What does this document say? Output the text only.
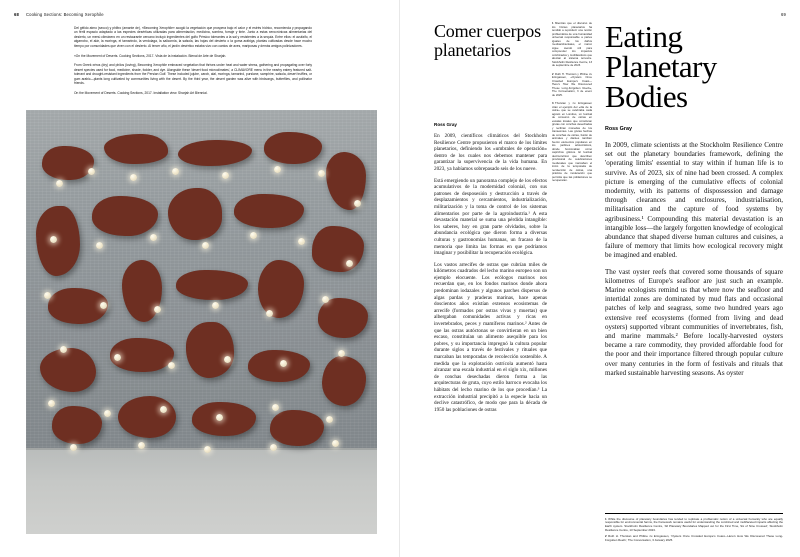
68 Cooking Sections: Becoming Xerophile

Del gélido atmo (secco) y philtro (amante de), «Becoming Xerophile» acogió la vegetación que prospera bajo el calor y el estrés hídrico, recomienda y propagando un fértil espacio adaptado a las especies desérticas utilizadas para alimentación, medicina, sombra, forraje y tinte. Junto a estas xerocrónicas alimentarias del desierto, un menú climáxero en un restaurante cercano incluyó ingredientes del golfo Pérsico tolerantes a la sal y resistentes a la sequía. Entre ellos: el azufaifo, el algarrobo, el alár, la moringa, el tamarindo, la verdolaga, la salicornia, la salsola, las hojas del desierto o la goma arábiga, plantas cultivadas desde hace mucho tiempo por comunidades que viven con el desierto. Al tercer año, el jardín desértico estaba vivo con cantos de aves, mariposas y demás amigos polinizadores.

«On the Movement of Deserts. Cooking Sections, 2017. Vista de la instalación. Bienal de Arte de Sharjah.

From Greek xéros (dry) and philos (loving), Becoming Xerophile embraced vegetation that thrives under heat and water stress, gathering and propagating over forty desert species used for food, medicine, shade, fodder, and dye. Alongside these 'desert food microclimates', a CLIMAVORE menu in the nearby eatery featured salt-tolerant and drought-resistant ingredients from the Persian Gulf. These included jujube, carob, alal, moringa, tamarind, purslane, samphire, salsola, desert truffles, or gum arabic—plants long cultivated by communities living with the desert. By the third year, the desert garden was alive with birdsongs, butterflies, and pollinator friends.

On the Movement of Deserts. Cooking Sections, 2017. Installation view. Sharjah Art Biennial.

69
Comer cuerpos planetarios
Ross Gray

En 2009, científicos climáticos del Stockholm Resilience Centre propusieron el marco de los límites planetarios, definiendo los «umbrales de operación» dentro de los cuales nos debemos mantener para garantizar la supervivencia de la vida humana. En 2023, ya habíamos sobrepasado seis de los nueve.

Está emergiendo un panorama complejo de los efectos acumulativos de la modernidad colonial, con sus patrones de desposesión y destrucción a través de desplazamientos y cercamientos, industrialización, militarización y la toma de control de los sistemas alimentarios por parte de la agroindustria.¹ A esta devastación material se suma una pérdida intangible: los saberes, hoy en gran parte olvidados, sobre la abundancia ecológica que dieron forma a diversas culturas y gastronomías humanas, un fracaso de la memoria que limita las formas en que podríamos imaginar y posibilitar la recuperación ecológica.

Los vastos arrecifes de ostras que cubrían miles de kilómetros cuadrados del lecho marino europeo son un ejemplo elocuente. Los ecólogos marinos nos recuerdan que, en los fondos marinos donde ahora predominan iodazales y algunos parches dispersos de algas pardas y praderas marinas, hace apenas doscientos años existían extensos ecosistemas de arrecife (formados por ostras vivas y muertas) que albergaban comunidades activas y ricas en invertebrados, peces y mamíferos marinos.² Antes de que las ostras autóctonas se convirtieran en un bien escaso, constituían un alimento asequible para los pobres, y su importancia impregnó la cultura popular durante siglos a través de festivales y rituales que marcaban las temporadas de recolección sostenible. A medida que la explotación ostrícola aumentó hasta alcanzar una escala industrial en el siglo xix, millones de conchas desechadas dieron forma a las arquitecturas de gruta, cuyo estilo barroco evocaba los hábitats del lecho marino de los que procedían.³ La extracción industrial precipitó a la especie hacia un declive catastrófico, de modo que para la década de 1950 las poblaciones de ostras

1 Mientras que el discurso de los límites planetarios ha tendido a reproducir una noción problemática de una humanidad universal responsable a partes iguales de los daños medioambientales, el marco sigue siendo útil para comprender los impactos combinados y multifacéticos que afectan al sistema terrestre. Stockholm Resilience Centre, 13 de septiembre de 2023.
2 Ruth H. Thurston y Philine zu Ermgassen, «Oysters Once Crowded Europe's Coast—Here's How We Discovered These Long-Forgotten Reefs», The Conversation, 3 de enero de 2025.
3 Thurstan y zu Ermgassen citan el ejemplo del «día de la ostra» que se celebraba cada agosto en Londres, un festival de consumo de ostras en escalas locales que construían grutas con conchas desechadas y recibían monedas de los transeúntes. Las grutas hechas de conchas de ostras, fusión de animales y diantes también fueron elementos populares en los jardines aristocráticos, donde funcionaban como caprichos góticos. El festival decimonónico que describen provisional de celebraciones medievales que marcaban el inicio de la temporada de recolección de ostras, una práctica de moderación que permitía que las poblaciones se recuperaran.
Eating Planetary Bodies
Ross Gray

In 2009, climate scientists at the Stockholm Resilience Centre set out the planetary boundaries framework, defining the 'operating limits' essential to stay within if human life is to survive. As of 2023, six of nine had been crossed. A complex picture is emerging of the cumulative effects of colonial modernity, with its patterns of dispossession and damage through clearances and enclosures, industrialisation, militarisation and the capture of food systems by agribusiness.¹ Compounding this material devastation is an intangible loss—the largely forgotten knowledge of ecological abundance that shaped diverse human cultures and cuisines, a failure of memory that limits how ecological recovery might be imagined and enabled.

The vast oyster reefs that covered some thousands of square kilometres of Europe's seafloor are just such an example. Marine ecologists remind us that where now the seafloor and intertidal zones are dominated by mud flats and occasional patches of kelp and seagrass, some two hundred years ago extensive reef ecosystems (formed from living and dead oysters) supported vibrant communities of invertebrates, fish, and marine mammals.² Before locally-harvested oysters became a rare commodity, they provided affordable food for the poor and their importance filtered through popular culture over many centuries in the form of festivals and rituals that marked sustainable harvesting seasons. As oyster

1 While the discourse of planetary boundaries has tended to replicate a problematic notion of a universal humanity who are equally responsible for environmental harms, the framework remains useful for understanding the combined and multifaceted impacts affecting the Earth system. Stockholm Resilience Centre, 'All Planetary Boundaries Mapped out for the First Time, Six of Nine Crossed', Stockholm Resilience Centre, 13 September 2023.
2 Ruth H. Thurstan and Philine zu Ermgassen, 'Oysters Once Crowded Europe's Coast—Here's How We Discovered These Long-Forgotten Reefs', The Conversation, 3 January 2025.
